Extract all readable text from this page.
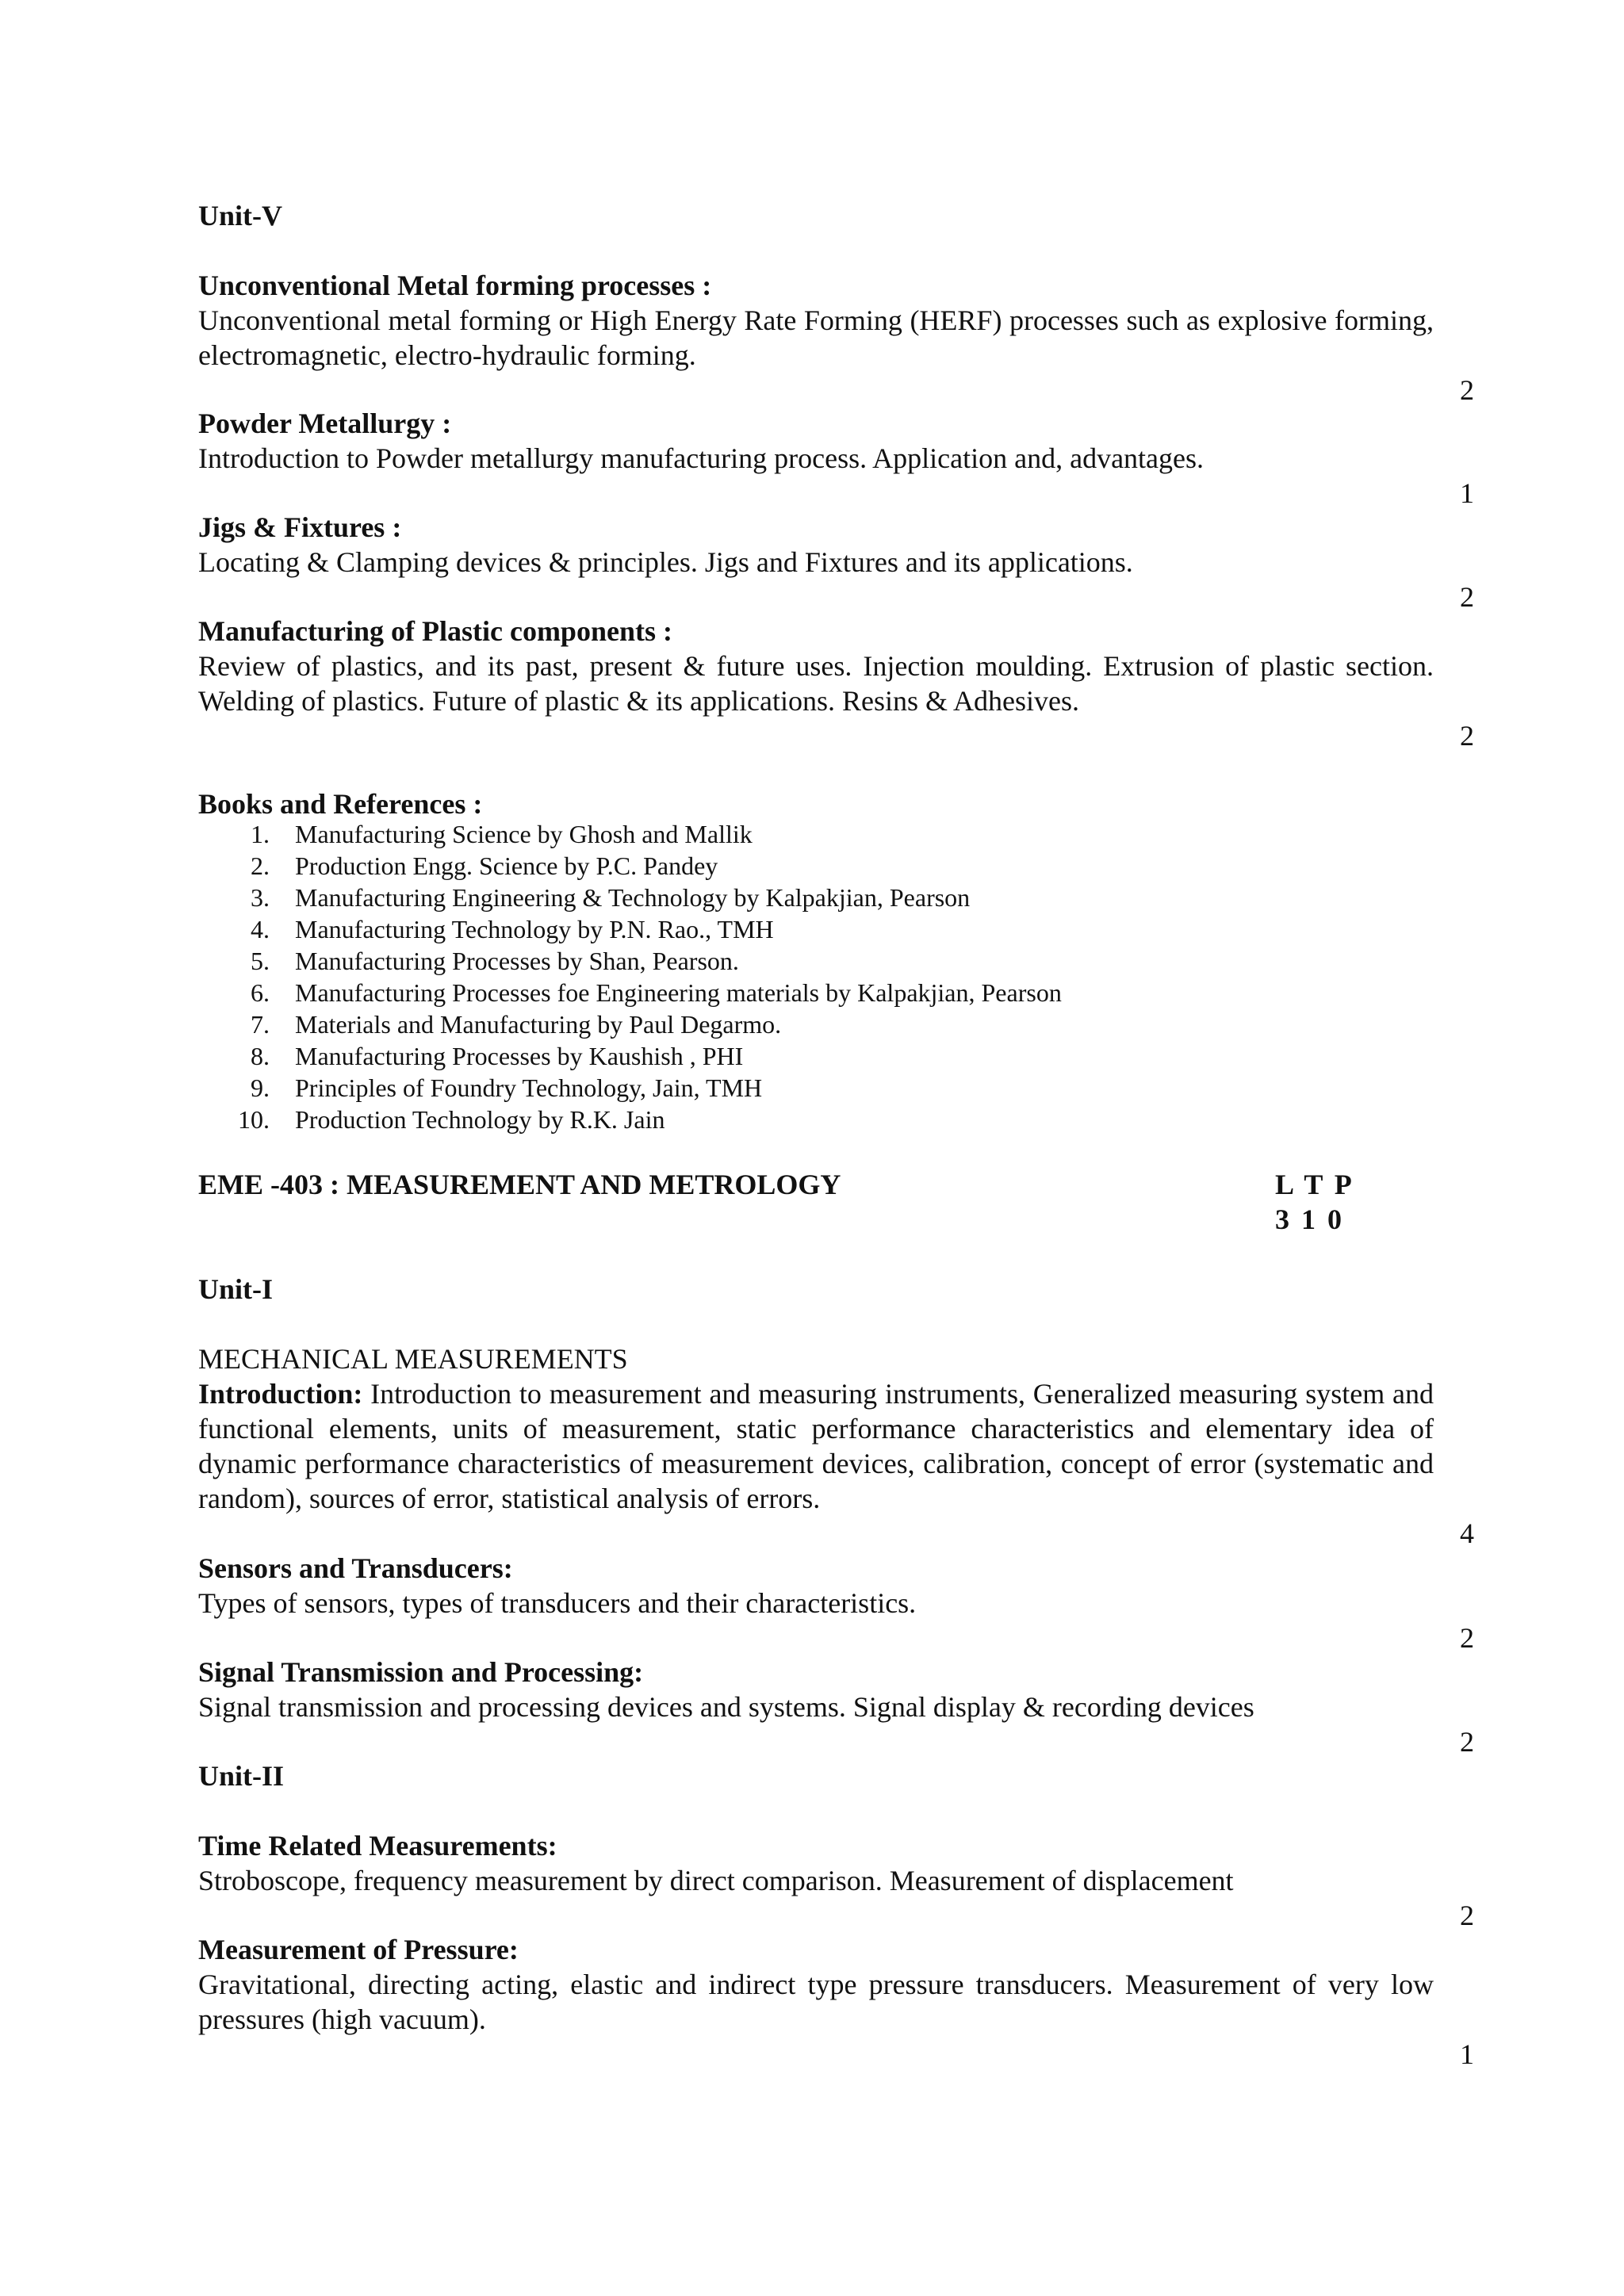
Unit-V

Unconventional Metal forming processes :

Unconventional metal forming or High Energy Rate Forming (HERF) processes such as explosive forming, electromagnetic, electro-hydraulic forming.

2

Powder Metallurgy :

Introduction to Powder metallurgy manufacturing process. Application and, advantages.

1

Jigs & Fixtures :

Locating & Clamping devices & principles. Jigs and Fixtures and its applications.

2

Manufacturing of Plastic components :

Review of plastics, and its past, present & future uses. Injection moulding. Extrusion of plastic section. Welding of plastics. Future of plastic & its applications. Resins & Adhesives.

2

Books and References :

1. Manufacturing Science by Ghosh and Mallik
2. Production Engg. Science by P.C. Pandey
3. Manufacturing Engineering & Technology by Kalpakjian, Pearson
4. Manufacturing Technology by P.N. Rao., TMH
5. Manufacturing Processes by Shan, Pearson.
6. Manufacturing Processes foe Engineering materials by Kalpakjian, Pearson
7. Materials and Manufacturing by Paul Degarmo.
8. Manufacturing Processes by Kaushish , PHI
9. Principles of Foundry Technology, Jain, TMH
10. Production Technology by R.K. Jain

EME -403 : MEASUREMENT AND METROLOGY	L T P

3 1 0

Unit-I

MECHANICAL MEASUREMENTS

Introduction: Introduction to measurement and measuring instruments, Generalized measuring system and functional elements, units of measurement, static performance characteristics and elementary idea of dynamic performance characteristics of measurement devices, calibration, concept of error (systematic and random), sources of error, statistical analysis of errors.

4

Sensors and Transducers:

Types of sensors, types of transducers and their characteristics.

2

Signal Transmission and Processing:

Signal transmission and processing devices and systems. Signal display & recording devices

2

Unit-II

Time Related Measurements:

Stroboscope, frequency measurement by direct comparison. Measurement of displacement

2

Measurement of Pressure:

Gravitational, directing acting, elastic and indirect type pressure transducers. Measurement of very low pressures (high vacuum).

1
